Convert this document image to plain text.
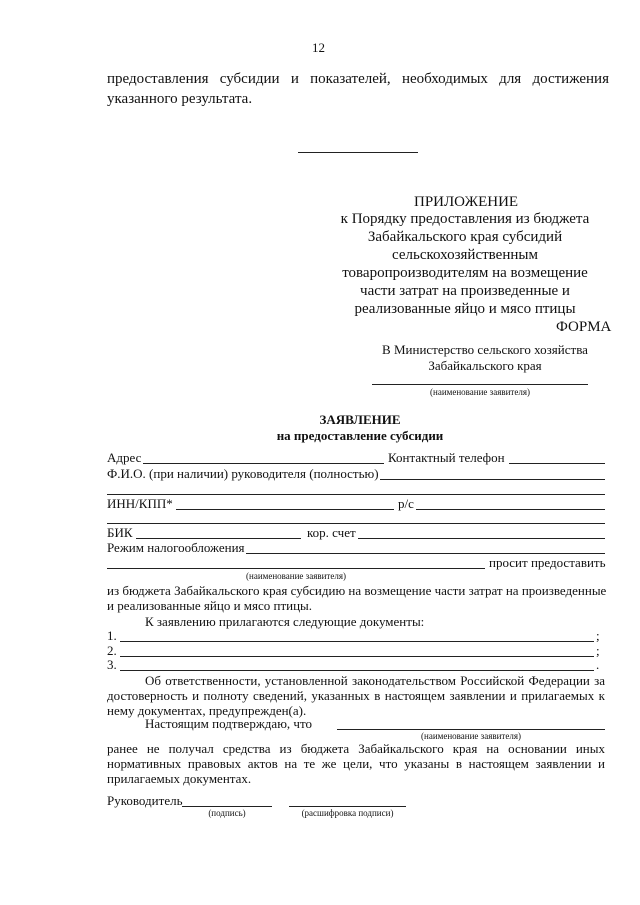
12
предоставления субсидии и показателей, необходимых для достижения
указанного результата.
ПРИЛОЖЕНИЕ
к Порядку предоставления из бюджета
Забайкальского края субсидий
сельскохозяйственным
товаропроизводителям на возмещение
части затрат на произведенные и
реализованные яйцо и мясо птицы
ФОРМА
В Министерство сельского хозяйства
Забайкальского края
(наименование заявителя)
ЗАЯВЛЕНИЕ
на предоставление субсидии
Адрес	Контактный телефон
Ф.И.О. (при наличии) руководителя (полностью)
ИНН/КПП*	р/с
БИК	кор. счет
Режим налогообложения
просит предоставить
(наименование заявителя)
из бюджета Забайкальского края субсидию на возмещение части затрат на произведенные
и реализованные яйцо и мясо птицы.
К заявлению прилагаются следующие документы:
1.	;
2.	;
3.	.
Об ответственности, установленной законодательством Российской Федерации за
достоверность и полноту сведений, указанных в настоящем заявлении и прилагаемых к
нему документах, предупрежден(а).
Настоящим подтверждаю, что
(наименование заявителя)
ранее не получал средства из бюджета Забайкальского края на основании иных
нормативных правовых актов на те же цели, что указаны в настоящем заявлении и
прилагаемых документах.
Руководитель
(подпись)	(расшифровка подписи)
